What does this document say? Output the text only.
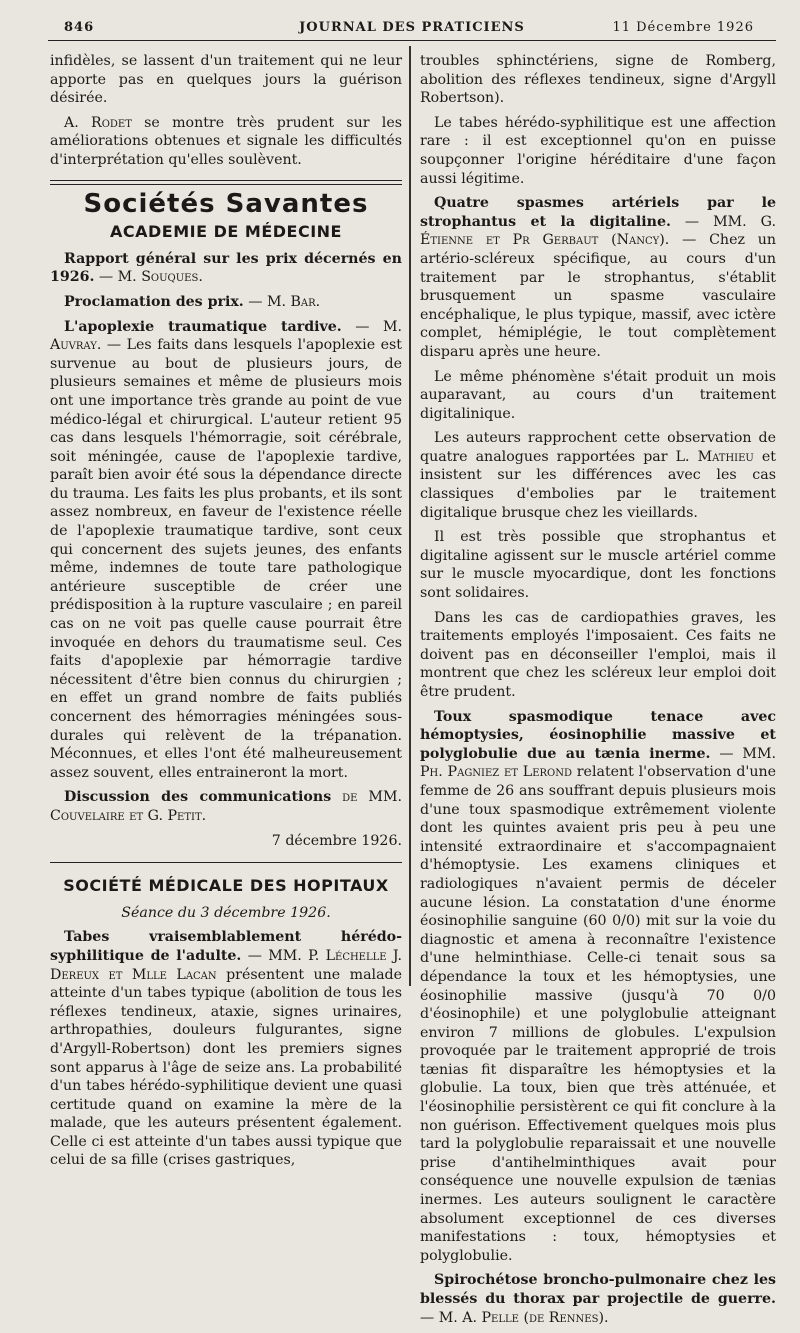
846	JOURNAL DES PRATICIENS	11 Décembre 1926

infidèles, se lassent d'un traitement qui ne leur apporte pas en quelques jours la guérison désirée.

A. Rodet se montre très prudent sur les améliorations obtenues et signale les difficultés d'interprétation qu'elles soulèvent.

Sociétés Savantes
ACADEMIE DE MÉDECINE

Rapport général sur les prix décernés en 1926. — M. Souques.

Proclamation des prix. — M. Bar.

L'apoplexie traumatique tardive. — M. Auvray. — Les faits dans lesquels l'apoplexie est survenue au bout de plusieurs jours, de plusieurs semaines et même de plusieurs mois ont une importance très grande au point de vue médico-légal et chirurgical. L'auteur retient 95 cas dans lesquels l'hémorragie, soit cérébrale, soit méningée, cause de l'apoplexie tardive, paraît bien avoir été sous la dépendance directe du trauma. Les faits les plus probants, et ils sont assez nombreux, en faveur de l'existence réelle de l'apoplexie traumatique tardive, sont ceux qui concernent des sujets jeunes, des enfants même, indemnes de toute tare pathologique antérieure susceptible de créer une prédisposition à la rupture vasculaire ; en pareil cas on ne voit pas quelle cause pourrait être invoquée en dehors du traumatisme seul. Ces faits d'apoplexie par hémorragie tardive nécessitent d'être bien connus du chirurgien ; en effet un grand nombre de faits publiés concernent des hémorragies méningées sous-durales qui relèvent de la trépanation. Méconnues, et elles l'ont été malheureusement assez souvent, elles entraineront la mort.

Discussion des communications de MM. Couvelaire et G. Petit.

7 décembre 1926.
SOCIÉTÉ MÉDICALE DES HOPITAUX
Séance du 3 décembre 1926.

Tabes vraisemblablement hérédo-syphilitique de l'adulte. — MM. P. Léchelle J. Dereux et Mlle Lacan présentent une malade atteinte d'un tabes typique (abolition de tous les réflexes tendineux, ataxie, signes urinaires, arthropathies, douleurs fulgurantes, signe d'Argyll-Robertson) dont les premiers signes sont apparus à l'âge de seize ans. La probabilité d'un tabes hérédo-syphilitique devient une quasi certitude quand on examine la mère de la malade, que les auteurs présentent également. Celle ci est atteinte d'un tabes aussi typique que celui de sa fille (crises gastriques,

troubles sphinctériens, signe de Romberg, abolition des réflexes tendineux, signe d'Argyll Robertson).

Le tabes hérédo-syphilitique est une affection rare : il est exceptionnel qu'on en puisse soupçonner l'origine héréditaire d'une façon aussi légitime.

Quatre spasmes artériels par le strophantus et la digitaline. — MM. G. Étienne et Pr Gerbaut (Nancy). — Chez un artério-scléreux spécifique, au cours d'un traitement par le strophantus, s'établit brusquement un spasme vasculaire encéphalique, le plus typique, massif, avec ictère complet, hémiplégie, le tout complètement disparu après une heure.

Le même phénomène s'était produit un mois auparavant, au cours d'un traitement digitalinique.

Les auteurs rapprochent cette observation de quatre analogues rapportées par L. Mathieu et insistent sur les différences avec les cas classiques d'embolies par le traitement digitalique brusque chez les vieillards.

Il est très possible que strophantus et digitaline agissent sur le muscle artériel comme sur le muscle myocardique, dont les fonctions sont solidaires.

Dans les cas de cardiopathies graves, les traitements employés l'imposaient. Ces faits ne doivent pas en déconseiller l'emploi, mais il montrent que chez les scléreux leur emploi doit être prudent.

Toux spasmodique tenace avec hémoptysies, éosinophilie massive et polyglobulie due au tænia inerme. — MM. Ph. Pagniez et Lerond relatent l'observation d'une femme de 26 ans souffrant depuis plusieurs mois d'une toux spasmodique extrêmement violente dont les quintes avaient pris peu à peu une intensité extraordinaire et s'accompagnaient d'hémoptysie. Les examens cliniques et radiologiques n'avaient permis de déceler aucune lésion. La constatation d'une énorme éosinophilie sanguine (60 0/0) mit sur la voie du diagnostic et amena à reconnaître l'existence d'une helminthiase. Celle-ci tenait sous sa dépendance la toux et les hémoptysies, une éosinophilie massive (jusqu'à 70 0/0 d'éosinophile) et une polyglobulie atteignant environ 7 millions de globules. L'expulsion provoquée par le traitement approprié de trois tænias fit disparaître les hémoptysies et la globulie. La toux, bien que très atténuée, et l'éosinophilie persistèrent ce qui fit conclure à la non guérison. Effectivement quelques mois plus tard la polyglobulie reparaissait et une nouvelle prise d'antihelminthiques avait pour conséquence une nouvelle expulsion de tænias inermes. Les auteurs soulignent le caractère absolument exceptionnel de ces diverses manifestations : toux, hémoptysies et polyglobulie.

Spirochétose broncho-pulmonaire chez les blessés du thorax par projectile de guerre. — M. A. Pelle (de Rennes).
